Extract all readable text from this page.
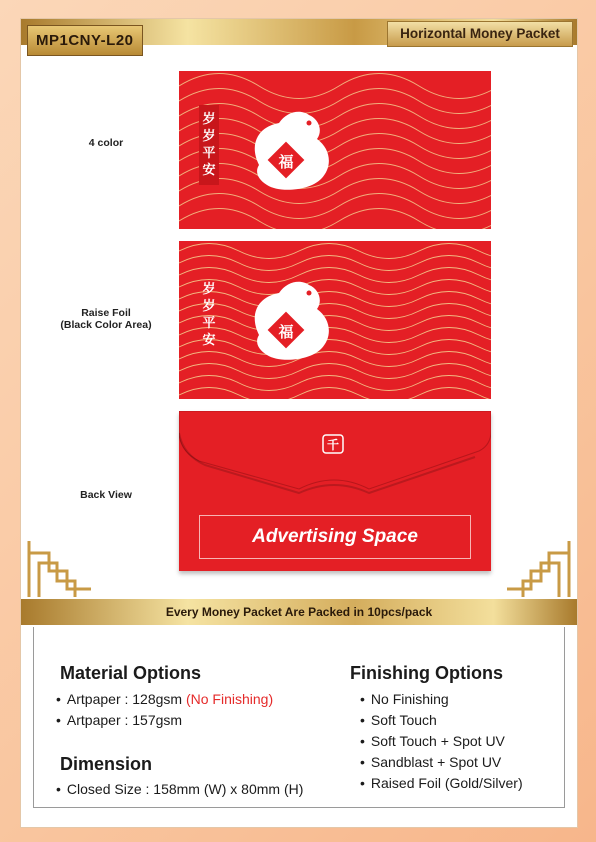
MP1CNY-L20	Horizontal Money Packet
4 color
福
岁岁平安
Raise Foil
(Black Color Area)	福
岁岁平安
Back View
千
Advertising Space
Every Money Packet Are Packed in 10pcs/pack
Material Options
• Artpaper : 128gsm (No Finishing)
• Artpaper : 157gsm
Dimension
• Closed Size : 158mm (W) x 80mm (H)
Finishing Options
• No Finishing
• Soft Touch
• Soft Touch + Spot UV
• Sandblast + Spot UV
• Raised Foil (Gold/Silver)
